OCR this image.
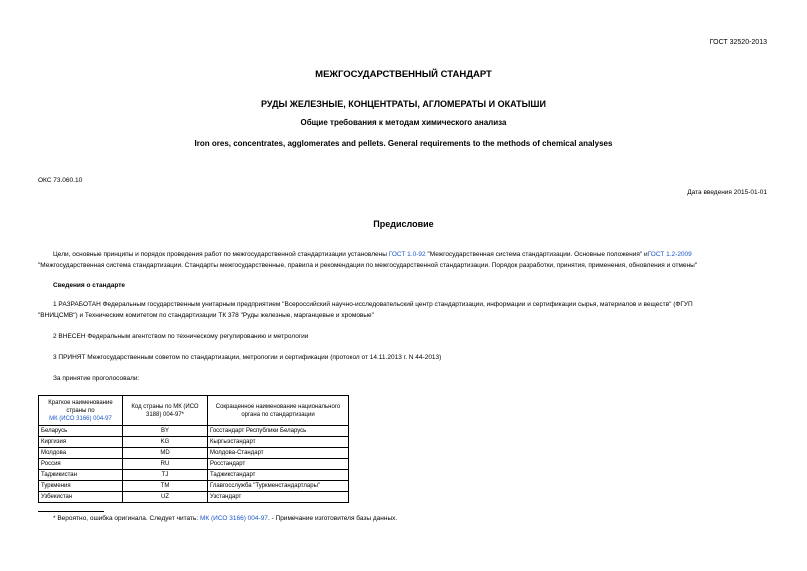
ГОСТ 32520-2013
МЕЖГОСУДАРСТВЕННЫЙ СТАНДАРТ
РУДЫ ЖЕЛЕЗНЫЕ, КОНЦЕНТРАТЫ, АГЛОМЕРАТЫ И ОКАТЫШИ
Общие требования к методам химического анализа
Iron ores, concentrates, agglomerates and pellets. General requirements to the methods of chemical analyses
ОКС 73.060.10
Дата введения 2015-01-01
Предисловие
Цели, основные принципы и порядок проведения работ по межгосударственной стандартизации установлены ГОСТ 1.0-92 "Межгосударственная система стандартизации. Основные положения" иГОСТ 1.2-2009
"Межгосударственная система стандартизации. Стандарты межгосударственные, правила и рекомендации по межгосударственной стандартизации. Порядок разработки, принятия, применения, обновления и отмены"
Сведения о стандарте
1 РАЗРАБОТАН Федеральным государственным унитарным предприятием "Всероссийский научно-исследовательский центр стандартизации, информации и сертификации сырья, материалов и веществ" (ФГУП
"ВНИЦСМВ") и Техническим комитетом по стандартизации ТК 378 "Руды железные, марганцевые и хромовые"
2 ВНЕСЕН Федеральным агентством по техническому регулированию и метрологии
3 ПРИНЯТ Межгосударственным советом по стандартизации, метрологии и сертификации (протокол от 14.11.2013 г. N 44-2013)
За принятие проголосовали:
Краткое наименование страны по
МК (ИСО 3166) 004-97	Код страны по МК (ИСО 3188) 004-97*	Сокращенное наименование национального органа по стандартизации
Беларусь	BY	Госстандарт Республики Беларусь
Киргизия	KG	Кыргызстандарт
Молдова	MD	Молдова-Стандарт
Россия	RU	Росстандарт
Таджикистан	TJ	Таджикстандарт
Туркмения	TM	Главгосслужба "Туркменстандартлары"
Узбекистан	UZ	Узстандарт
* Вероятно, ошибка оригинала. Следует читать: МК (ИСО 3166) 004-97. - Примечание изготовителя базы данных.
